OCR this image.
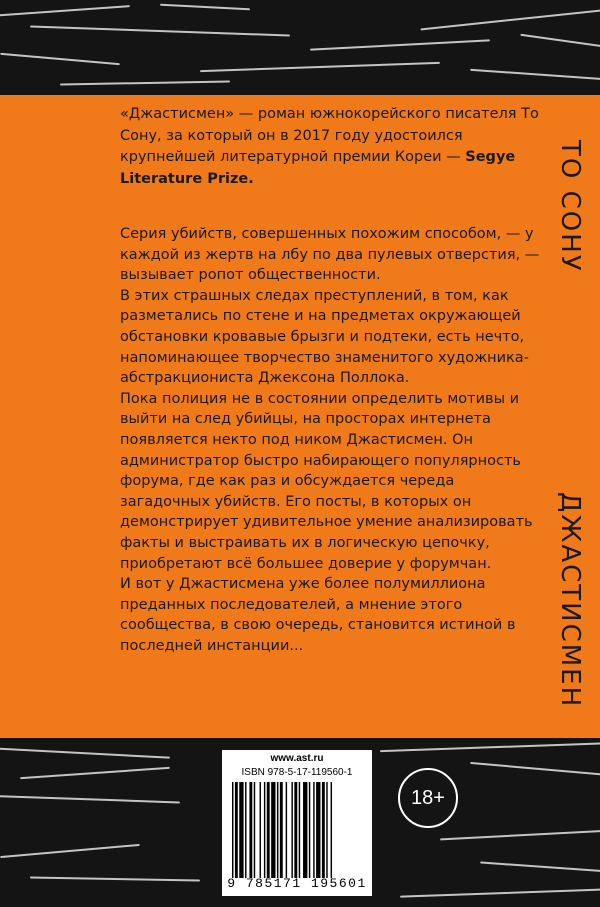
«Джастисмен» — роман южнокорейского писателя То Сону, за который он в 2017 году удостоился крупнейшей литературной премии Кореи — Segye Literature Prize.

Серия убийств, совершенных похожим способом, — у каждой из жертв на лбу по два пулевых отверстия, — вызывает ропот общественности.

В этих страшных следах преступлений, в том, как разметались по стене и на предметах окружающей обстановки кровавые брызги и подтеки, есть нечто, напоминающее творчество знаменитого художника-абстракциониста Джексона Поллока.

Пока полиция не в состоянии определить мотивы и выйти на след убийцы, на просторах интернета появляется некто под ником Джастисмен. Он администратор быстро набирающего популярность форума, где как раз и обсуждается череда загадочных убийств. Его посты, в которых он демонстрирует удивительное умение анализировать факты и выстраивать их в логическую цепочку, приобретают всё большее доверие у форумчан.

И вот у Джастисмена уже более полумиллиона преданных последователей, а мнение этого сообщества, в свою очередь, становится истиной в последней инстанции...

ТО СОНУ
ДЖАСТИСМЕН
www.ast.ru
ISBN 978-5-17-119560-1
9 785171 195601
18+
